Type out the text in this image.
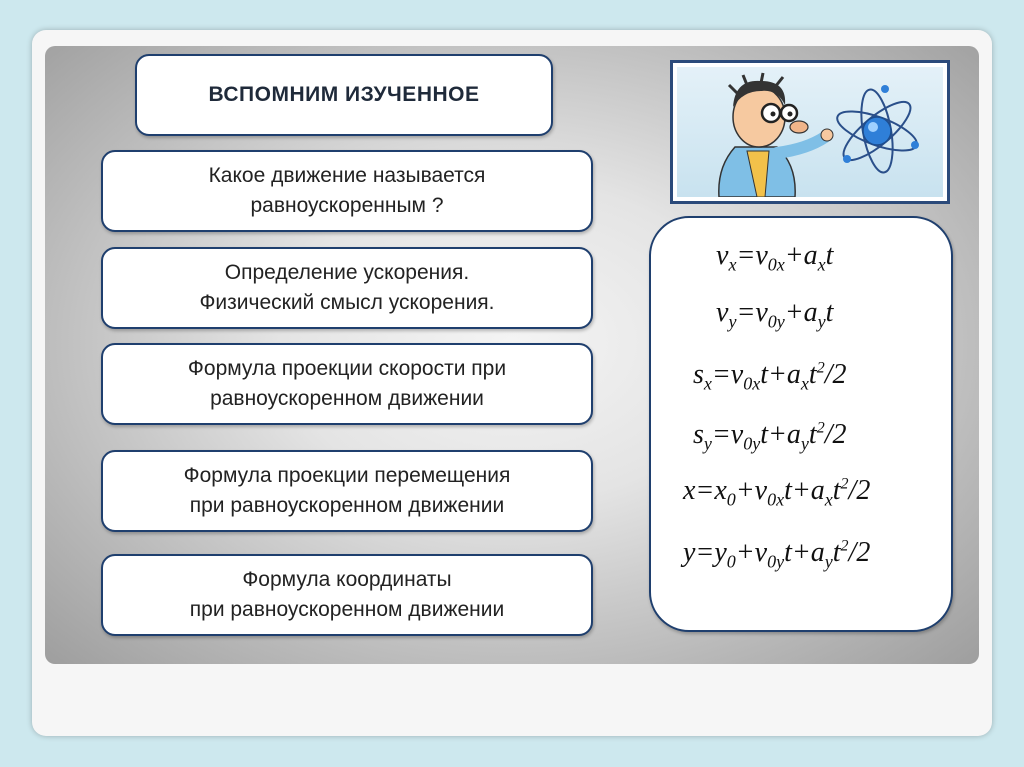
ВСПОМНИМ ИЗУЧЕННОЕ
Какое движение называется
равноускоренным ?
Определение ускорения.
Физический смысл ускорения.
Формула проекции скорости при
равноускоренном движении
Формула проекции перемещения
при равноускоренном движении
Формула координаты
при равноускоренном движении
$v_x=v_{0x}+a_xt$
$v_y=v_{0y}+a_yt$
$s_x=v_{0x}t+a_xt^2/2$
$s_y=v_{0y}t+a_yt^2/2$
$x=x_0+v_{0x}t+a_xt^2/2$
$y=y_0+v_{0y}t+a_yt^2/2$
